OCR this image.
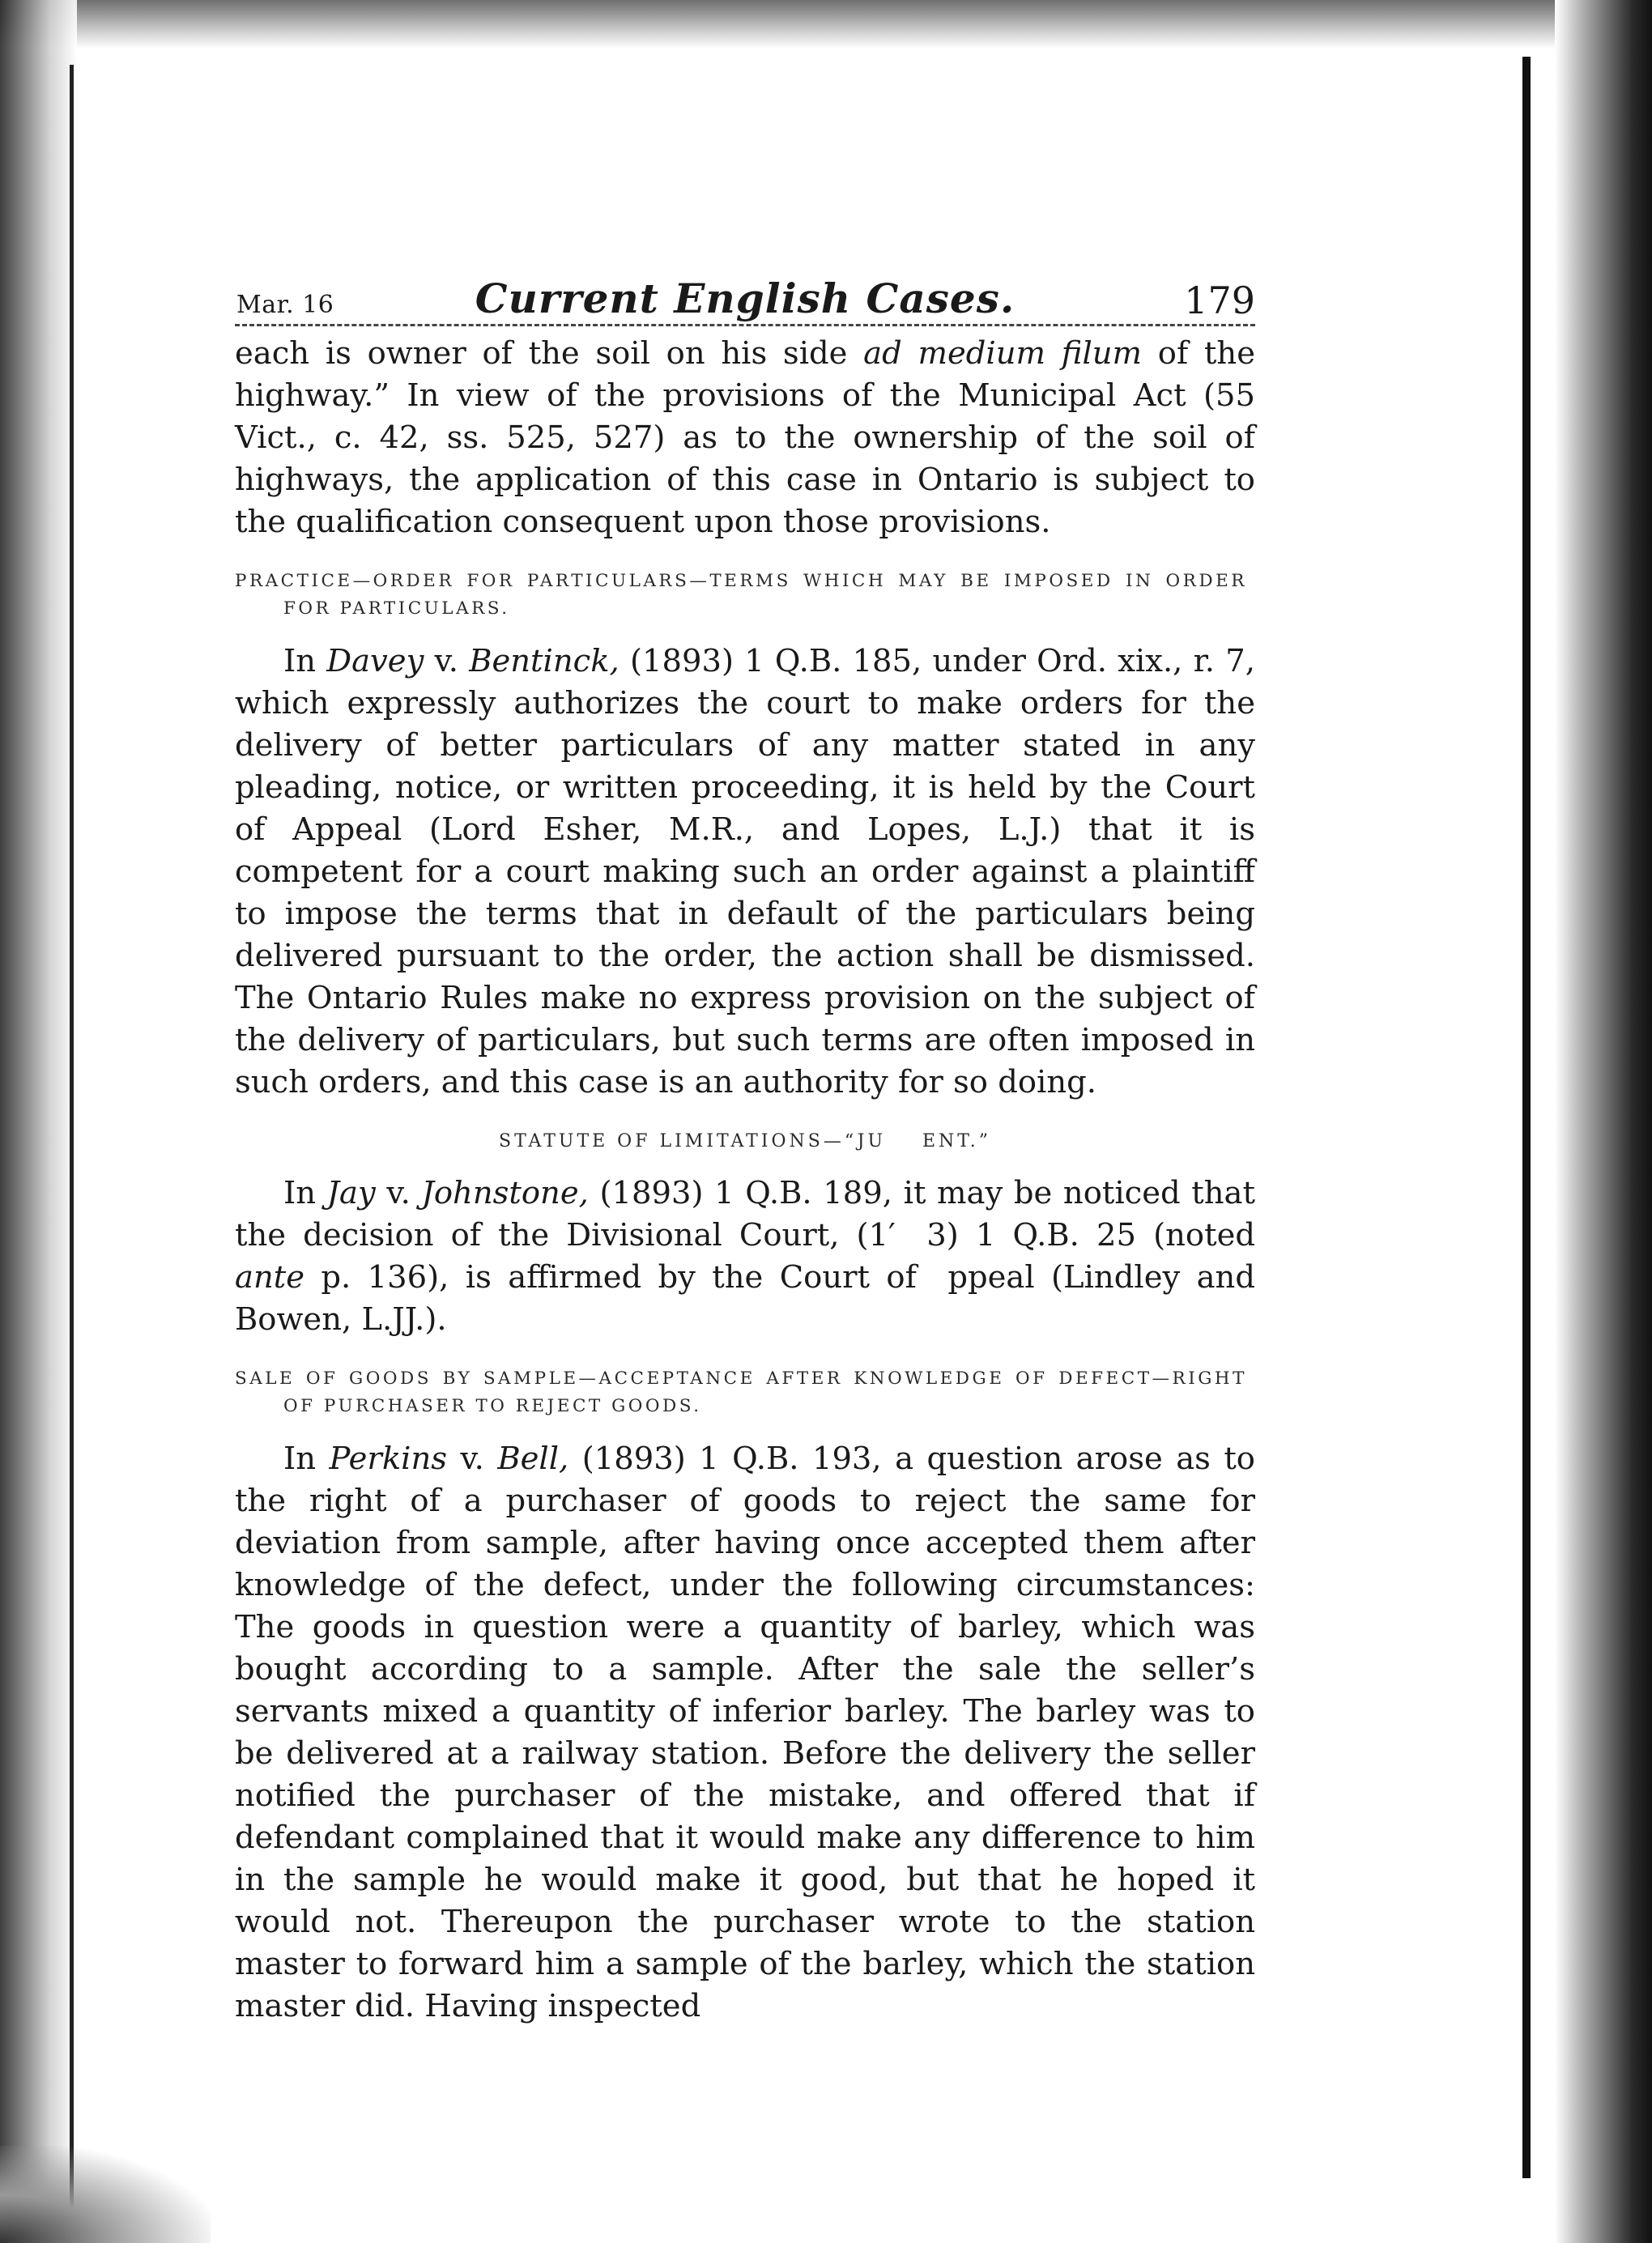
Mar. 16	Current English Cases.	179

each is owner of the soil on his side ad medium filum of the highway.” In view of the provisions of the Municipal Act (55 Vict., c. 42, ss. 525, 527) as to the ownership of the soil of highways, the application of this case in Ontario is subject to the qualification consequent upon those provisions.

PRACTICE—ORDER FOR PARTICULARS—TERMS WHICH MAY BE IMPOSED IN ORDER FOR PARTICULARS.

In Davey v. Bentinck, (1893) 1 Q.B. 185, under Ord. xix., r. 7, which expressly authorizes the court to make orders for the delivery of better particulars of any matter stated in any pleading, notice, or written proceeding, it is held by the Court of Appeal (Lord Esher, M.R., and Lopes, L.J.) that it is competent for a court making such an order against a plaintiff to impose the terms that in default of the particulars being delivered pursuant to the order, the action shall be dismissed. The Ontario Rules make no express provision on the subject of the delivery of particulars, but such terms are often imposed in such orders, and this case is an authority for so doing.

STATUTE OF LIMITATIONS—“JU   ENT.”

In Jay v. Johnstone, (1893) 1 Q.B. 189, it may be noticed that the decision of the Divisional Court, (1′  3) 1 Q.B. 25 (noted ante p. 136), is affirmed by the Court of  ppeal (Lindley and Bowen, L.JJ.).

SALE OF GOODS BY SAMPLE—ACCEPTANCE AFTER KNOWLEDGE OF DEFECT—RIGHT OF PURCHASER TO REJECT GOODS.

In Perkins v. Bell, (1893) 1 Q.B. 193, a question arose as to the right of a purchaser of goods to reject the same for deviation from sample, after having once accepted them after knowledge of the defect, under the following circumstances: The goods in question were a quantity of barley, which was bought according to a sample. After the sale the seller’s servants mixed a quantity of inferior barley. The barley was to be delivered at a railway station. Before the delivery the seller notified the purchaser of the mistake, and offered that if defendant complained that it would make any difference to him in the sample he would make it good, but that he hoped it would not. Thereupon the purchaser wrote to the station master to forward him a sample of the barley, which the station master did. Having inspected
